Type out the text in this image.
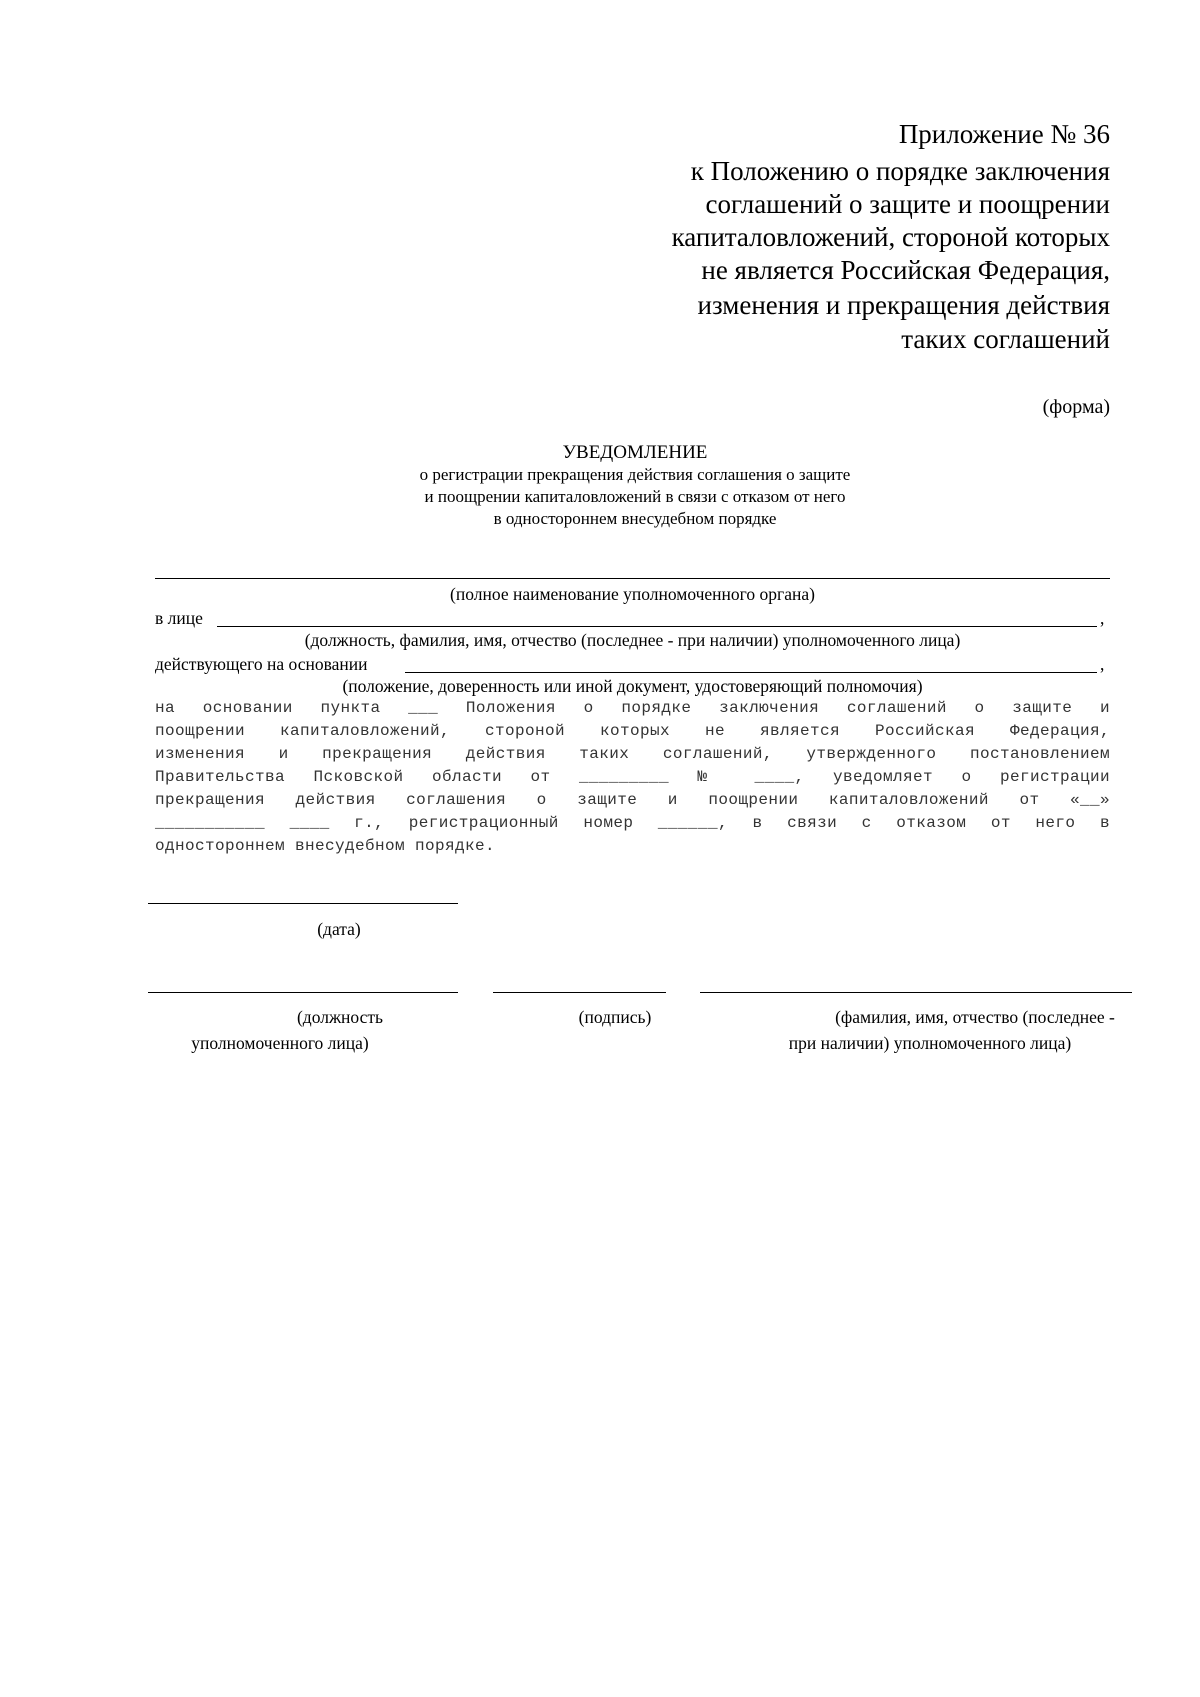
Приложение № 36
к Положению о порядке заключения
соглашений о защите и поощрении
капиталовложений, стороной которых
не является Российская Федерация,
изменения и прекращения действия
таких соглашений
(форма)
УВЕДОМЛЕНИЕ
о регистрации прекращения действия соглашения о защите
и поощрении капиталовложений в связи с отказом от него
в одностороннем внесудебном порядке
(полное наименование уполномоченного органа)
в лице	,
(должность, фамилия, имя, отчество (последнее - при наличии) уполномоченного лица)
действующего на основании	,
(положение, доверенность или иной документ, удостоверяющий полномочия)
на основании пункта ___ Положения о порядке заключения соглашений о защите и
поощрении капиталовложений, стороной которых не является Российская Федерация,
изменения и прекращения действия таких соглашений, утвержденного постановлением
Правительства Псковской области от _________ № ____, уведомляет о регистрации
прекращения действия соглашения о защите и поощрении капиталовложений от «__»
___________ ____ г., регистрационный номер ______, в связи с отказом от него в
одностороннем внесудебном порядке.
(дата)
(должность
уполномоченного лица)
(подпись)	(фамилия, имя, отчество (последнее -
при наличии) уполномоченного лица)
